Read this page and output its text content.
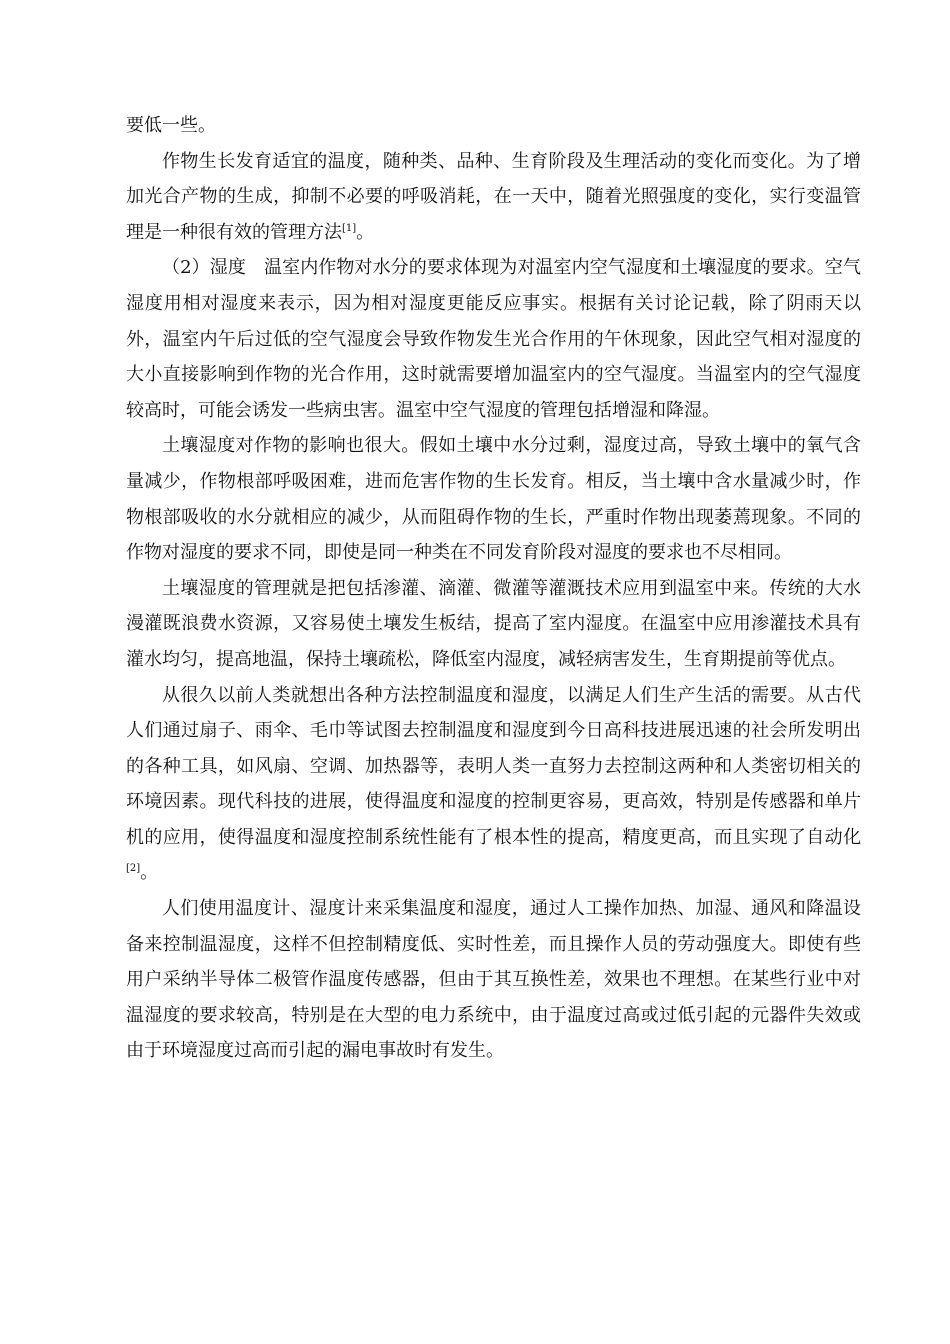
要低一些。

作物生长发育适宜的温度，随种类、品种、生育阶段及生理活动的变化而变化。为了增加光合产物的生成，抑制不必要的呼吸消耗，在一天中，随着光照强度的变化，实行变温管理是一种很有效的管理方法[1]。

（2）湿度　温室内作物对水分的要求体现为对温室内空气湿度和土壤湿度的要求。空气湿度用相对湿度来表示，因为相对湿度更能反应事实。根据有关讨论记载，除了阴雨天以外，温室内午后过低的空气湿度会导致作物发生光合作用的午休现象，因此空气相对湿度的大小直接影响到作物的光合作用，这时就需要增加温室内的空气湿度。当温室内的空气湿度较高时，可能会诱发一些病虫害。温室中空气湿度的管理包括增湿和降湿。

土壤湿度对作物的影响也很大。假如土壤中水分过剩，湿度过高，导致土壤中的氧气含量减少，作物根部呼吸困难，进而危害作物的生长发育。相反，当土壤中含水量减少时，作物根部吸收的水分就相应的减少，从而阻碍作物的生长，严重时作物出现萎蔫现象。不同的作物对湿度的要求不同，即使是同一种类在不同发育阶段对湿度的要求也不尽相同。

土壤湿度的管理就是把包括渗灌、滴灌、微灌等灌溉技术应用到温室中来。传统的大水漫灌既浪费水资源，又容易使土壤发生板结，提高了室内湿度。在温室中应用渗灌技术具有灌水均匀，提高地温，保持土壤疏松，降低室内湿度，减轻病害发生，生育期提前等优点。

从很久以前人类就想出各种方法控制温度和湿度，以满足人们生产生活的需要。从古代人们通过扇子、雨伞、毛巾等试图去控制温度和湿度到今日高科技进展迅速的社会所发明出的各种工具，如风扇、空调、加热器等，表明人类一直努力去控制这两种和人类密切相关的环境因素。现代科技的进展，使得温度和湿度的控制更容易，更高效，特别是传感器和单片机的应用，使得温度和湿度控制系统性能有了根本性的提高，精度更高，而且实现了自动化[2]。

人们使用温度计、湿度计来采集温度和湿度，通过人工操作加热、加湿、通风和降温设备来控制温湿度，这样不但控制精度低、实时性差，而且操作人员的劳动强度大。即使有些用户采纳半导体二极管作温度传感器，但由于其互换性差，效果也不理想。在某些行业中对温湿度的要求较高，特别是在大型的电力系统中，由于温度过高或过低引起的元器件失效或由于环境湿度过高而引起的漏电事故时有发生。
